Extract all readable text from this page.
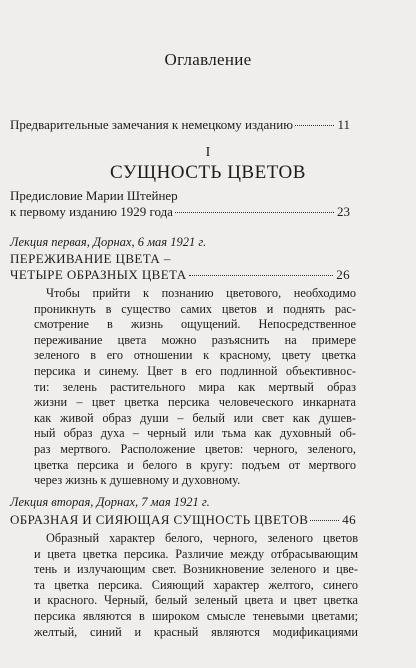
Оглавление
Предварительные замечания к немецкому изданию	11
I
СУЩНОСТЬ ЦВЕТОВ
Предисловие Марии Штейнер
к первому изданию 1929 года	23
Лекция первая, Дорнах, 6 мая 1921 г.
ПЕРЕЖИВАНИЕ ЦВЕТА –
ЧЕТЫРЕ ОБРАЗНЫХ ЦВЕТА	26
Чтобы прийти к познанию цветового, необходимо
проникнуть в существо самих цветов и поднять рас-
смотрение в жизнь ощущений. Непосредственное
переживание цвета можно разъяснить на примере
зеленого в его отношении к красному, цвету цветка
персика и синему. Цвет в его подлинной объективнос-
ти: зелень растительного мира как мертвый образ
жизни – цвет цветка персика человеческого инкарната
как живой образ души – белый или свет как душев-
ный образ духа – черный или тьма как духовный об-
раз мертвого. Расположение цветов: черного, зеленого,
цветка персика и белого в кругу: подъем от мертвого
через жизнь к душевному и духовному.
Лекция вторая, Дорнах, 7 мая 1921 г.
ОБРАЗНАЯ И СИЯЮЩАЯ СУЩНОСТЬ ЦВЕТОВ	46
Образный характер белого, черного, зеленого цветов
и цвета цветка персика. Различие между отбрасывающим
тень и излучающим свет. Возникновение зеленого и цве-
та цветка персика. Сияющий характер желтого, синего
и красного. Черный, белый зеленый цвета и цвет цветка
персика являются в широком смысле теневыми цветами;
желтый, синий и красный являются модификациями
